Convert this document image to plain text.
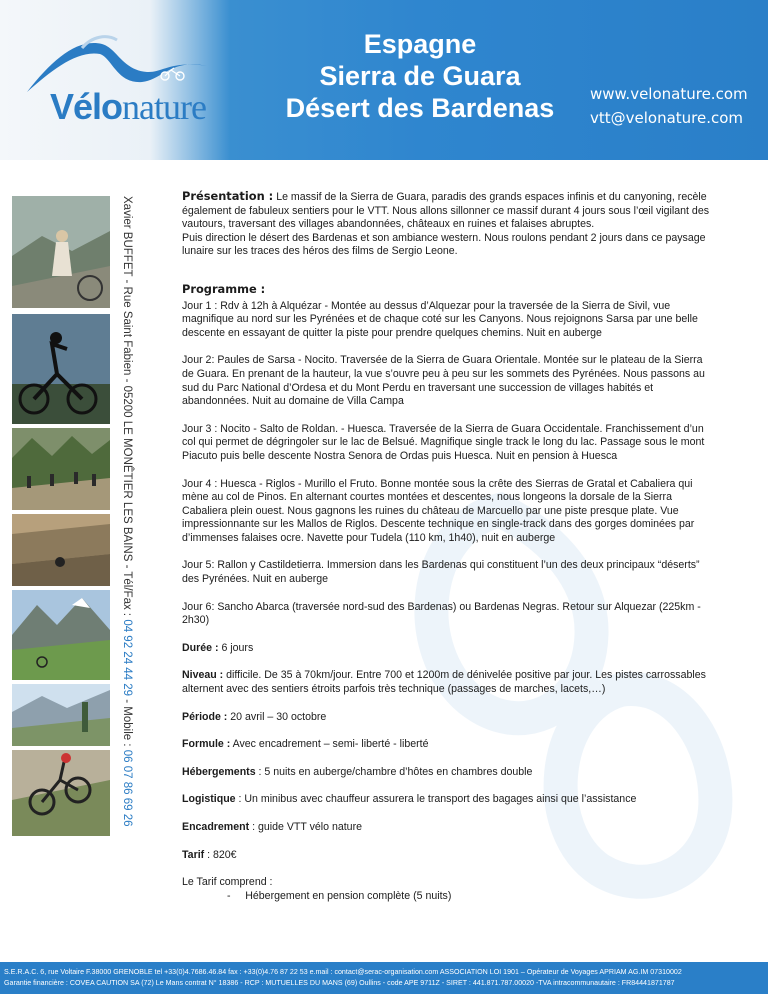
Vélonature
Espagne
Sierra de Guara
Désert des Bardenas	www.velonature.com
vtt@velonature.com
Xavier BUFFET - Rue Saint Fabien - 05200 LE MONÊTIER LES BAINS - Tél/Fax : 04 92 24 44 29 - Mobile : 06 07 86 69 26

Présentation : Le massif de la Sierra de Guara, paradis des grands espaces infinis et du canyoning, recèle également de fabuleux sentiers pour le VTT. Nous allons sillonner ce massif durant 4 jours sous l’œil vigilant des vautours, traversant des villages abandonnées, châteaux en ruines et falaises abruptes.
Puis direction le désert des Bardenas et son ambiance western. Nous roulons pendant 2 jours dans ce paysage lunaire sur les traces des héros des films de Sergio Leone.

Programme :

Jour 1 : Rdv à 12h à Alquézar - Montée au dessus d’Alquezar pour la traversée de la Sierra de Sivil, vue magnifique au nord sur les Pyrénées et de chaque coté sur les Canyons. Nous rejoignons Sarsa par une belle descente en essayant de quitter la piste pour prendre quelques chemins. Nuit en auberge

Jour 2: Paules de Sarsa - Nocito. Traversée de la Sierra de Guara Orientale. Montée sur le plateau de la Sierra de Guara. En prenant de la hauteur, la vue s’ouvre peu à peu sur les sommets des Pyrénées. Nous passons au sud du Parc National d’Ordesa et du Mont Perdu en traversant une succession de villages habités et abandonnées. Nuit au domaine de Villa Campa

Jour 3 : Nocito - Salto de Roldan. - Huesca. Traversée de la Sierra de Guara Occidentale. Franchissement d’un col qui permet de dégringoler sur le lac de Belsué. Magnifique single track le long du lac. Passage sous le mont Piacuto puis belle descente Nostra Senora de Ordas puis Huesca. Nuit en pension à Huesca

Jour 4 : Huesca - Riglos - Murillo el Fruto. Bonne montée sous la crête des Sierras de Gratal et Cabaliera qui mène au col de Pinos. En alternant courtes montées et descentes, nous longeons la dorsale de la Sierra Cabaliera plein ouest. Nous gagnons les ruines du château de Marcuello par une piste presque plate. Vue impressionnante sur les Mallos de Riglos. Descente technique en single-track dans des gorges dominées par d’immenses falaises ocre. Navette pour Tudela (110 km, 1h40), nuit en auberge

Jour 5: Rallon y Castildetierra. Immersion dans les Bardenas qui constituent l’un des deux principaux “déserts” des Pyrénées. Nuit en auberge

Jour 6: Sancho Abarca (traversée nord-sud des Bardenas) ou Bardenas Negras. Retour sur Alquezar (225km - 2h30)

Durée : 6 jours

Niveau : difficile. De 35 à 70km/jour. Entre 700 et 1200m de dénivelée positive par jour. Les pistes carrossables alternent avec des sentiers étroits parfois très technique (passages de marches, lacets,…)

Période : 20 avril – 30 octobre

Formule : Avec encadrement – semi- liberté - liberté

Hébergements : 5 nuits en auberge/chambre d’hôtes en chambres double

Logistique : Un minibus avec chauffeur assurera le transport des bagages ainsi que l’assistance

Encadrement : guide VTT vélo nature

Tarif : 820€

Le Tarif comprend :
- Hébergement en pension complète (5 nuits)
S.E.R.A.C. 6, rue Voltaire F.38000 GRENOBLE tel +33(0)4.7686.46.84 fax : +33(0)4.76 87 22 53 e.mail : contact@serac-organisation.com ASSOCIATION LOI 1901 – Opérateur de Voyages APRIAM AG.IM 07310002
Garantie financière : COVEA CAUTION SA (72) Le Mans contrat N° 18386 - RCP : MUTUELLES DU MANS (69) Oullins - code APE 9711Z - SIRET : 441.871.787.00020 -TVA intracommunautaire : FR84441871787
